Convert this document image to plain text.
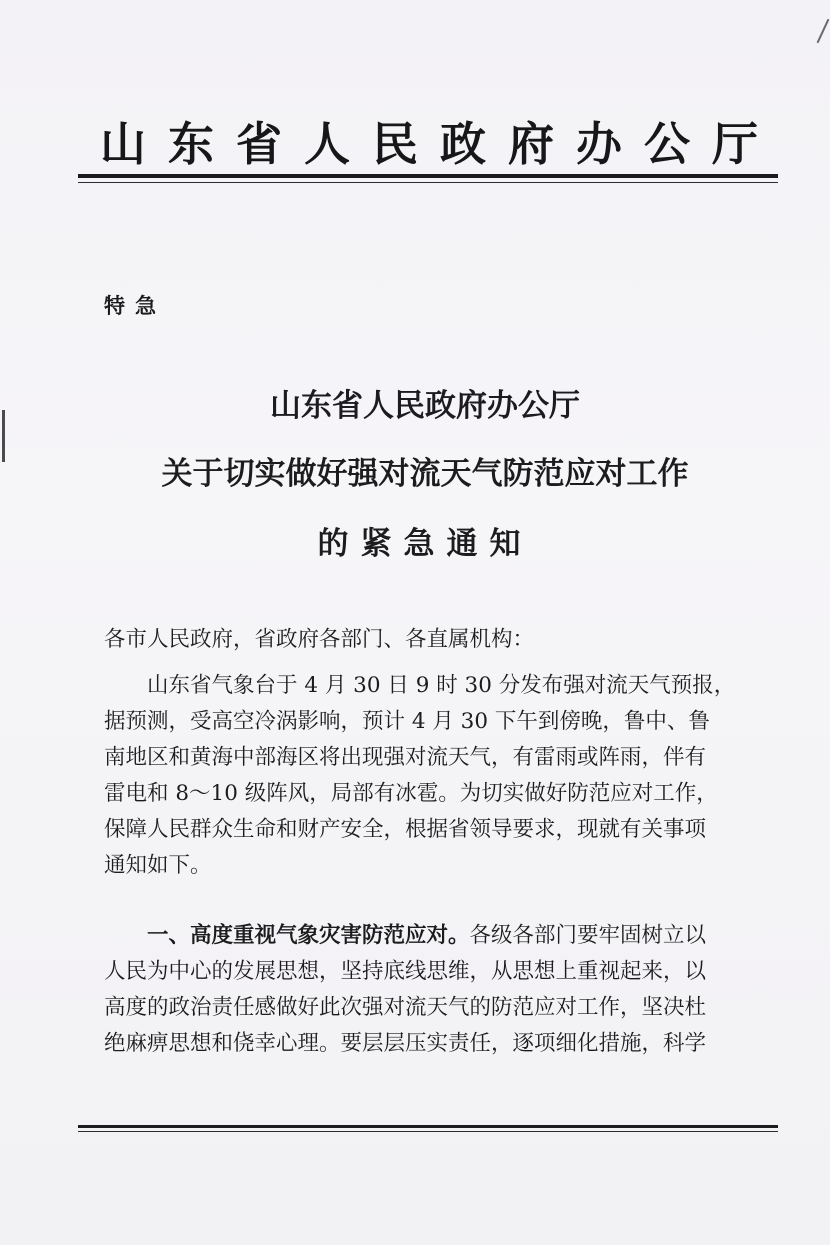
山东省人民政府办公厅
特急
山东省人民政府办公厅
关于切实做好强对流天气防范应对工作
的紧急通知
各市人民政府，省政府各部门、各直属机构：
山东省气象台于 4 月 30 日 9 时 30 分发布强对流天气预报，
据预测，受高空冷涡影响，预计 4 月 30 下午到傍晚，鲁中、鲁
南地区和黄海中部海区将出现强对流天气，有雷雨或阵雨，伴有
雷电和 8～10 级阵风，局部有冰雹。为切实做好防范应对工作，
保障人民群众生命和财产安全，根据省领导要求，现就有关事项
通知如下。
一、高度重视气象灾害防范应对。各级各部门要牢固树立以
人民为中心的发展思想，坚持底线思维，从思想上重视起来，以
高度的政治责任感做好此次强对流天气的防范应对工作，坚决杜
绝麻痹思想和侥幸心理。要层层压实责任，逐项细化措施，科学
